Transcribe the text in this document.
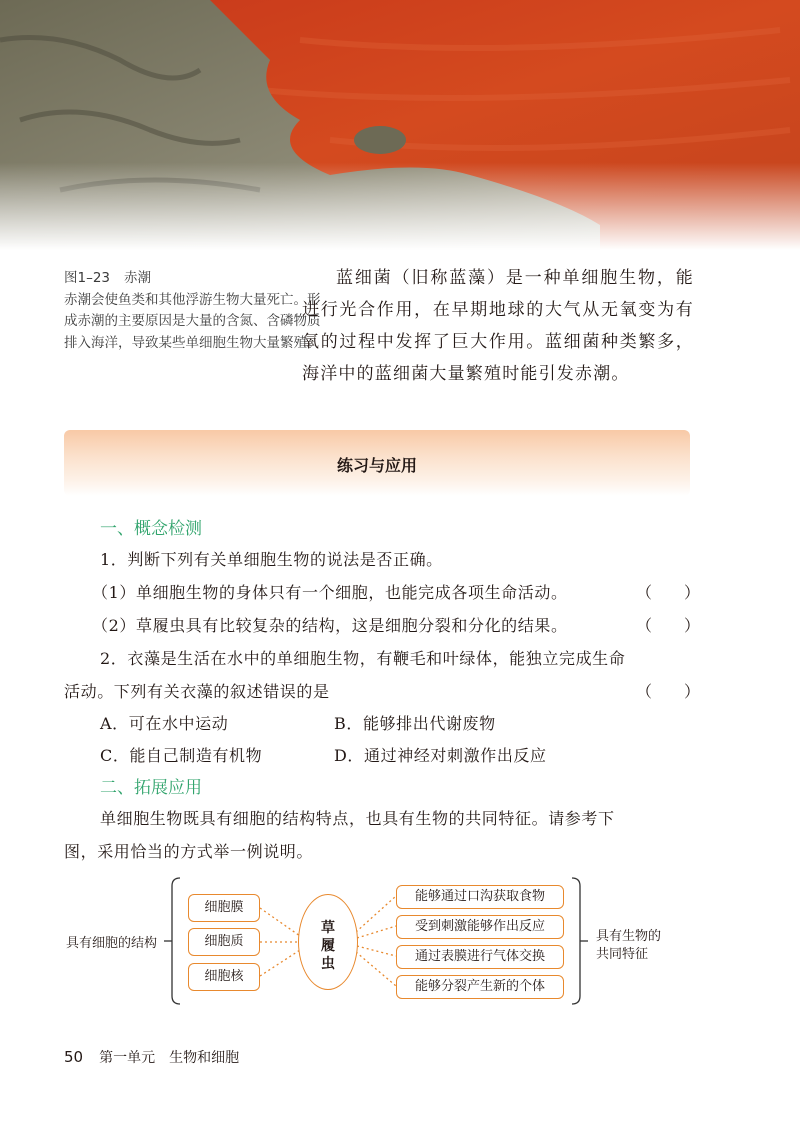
图1–23 赤潮
赤潮会使鱼类和其他浮游生物大量死亡。形成赤潮的主要原因是大量的含氮、含磷物质排入海洋，导致某些单细胞生物大量繁殖。
蓝细菌（旧称蓝藻）是一种单细胞生物，能进行光合作用，在早期地球的大气从无氧变为有氧的过程中发挥了巨大作用。蓝细菌种类繁多，海洋中的蓝细菌大量繁殖时能引发赤潮。
练习与应用
一、概念检测
1．判断下列有关单细胞生物的说法是否正确。
（1）单细胞生物的身体只有一个细胞，也能完成各项生命活动。	（　　）
（2）草履虫具有比较复杂的结构，这是细胞分裂和分化的结果。	（　　）
2．衣藻是生活在水中的单细胞生物，有鞭毛和叶绿体，能独立完成生命
活动。下列有关衣藻的叙述错误的是	（　　）
A．可在水中运动	B．能够排出代谢废物
C．能自己制造有机物	D．通过神经对刺激作出反应
二、拓展应用
单细胞生物既具有细胞的结构特点，也具有生物的共同特征。请参考下
图，采用恰当的方式举一例说明。
具有细胞的结构
细胞膜
细胞质
细胞核
草
履
虫
能够通过口沟获取食物
受到刺激能够作出反应
通过表膜进行气体交换
能够分裂产生新的个体
具有生物的
共同特征
50 第一单元　生物和细胞
